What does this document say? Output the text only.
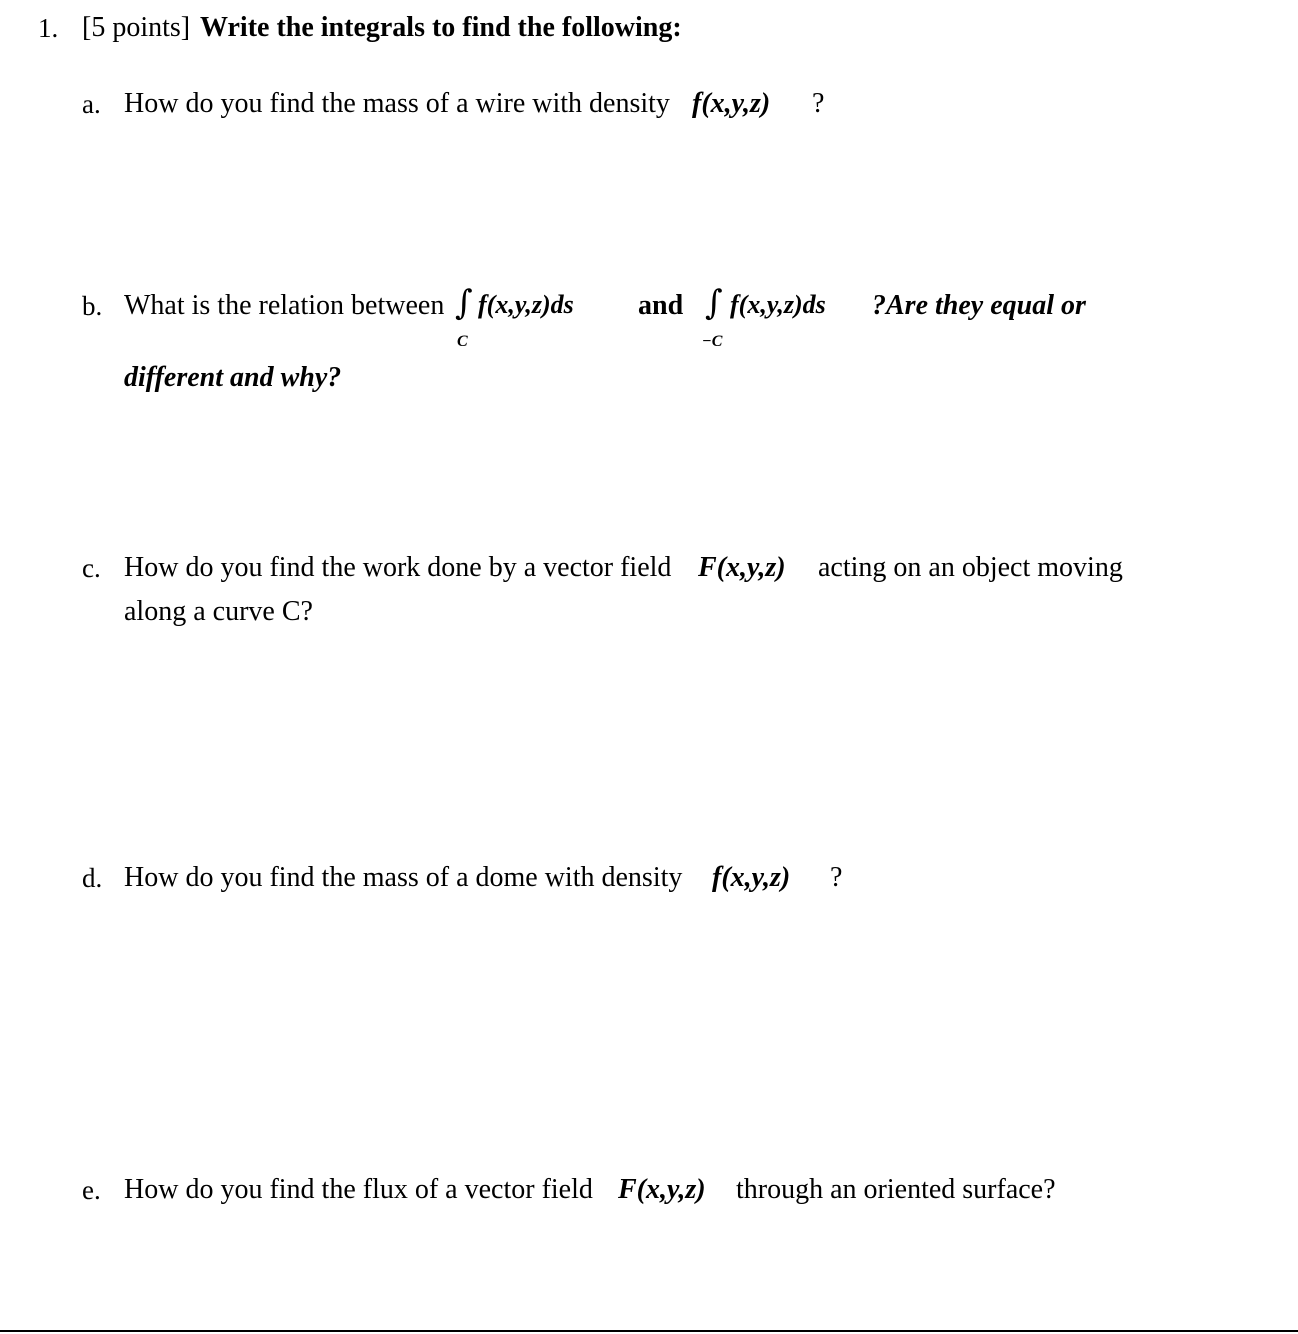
1. [5 points] Write the integrals to find the following:
a. How do you find the mass of a wire with density f(x,y,z) ?
b. What is the relation between ∫ f(x,y,z)ds
C
and ∫ f(x,y,z)ds
−C
?Are they equal or
different and why?
c. How do you find the work done by a vector field F(x,y,z) acting on an object moving
along a curve C?
d. How do you find the mass of a dome with density f(x,y,z) ?
e. How do you find the flux of a vector field F(x,y,z) through an oriented surface?
